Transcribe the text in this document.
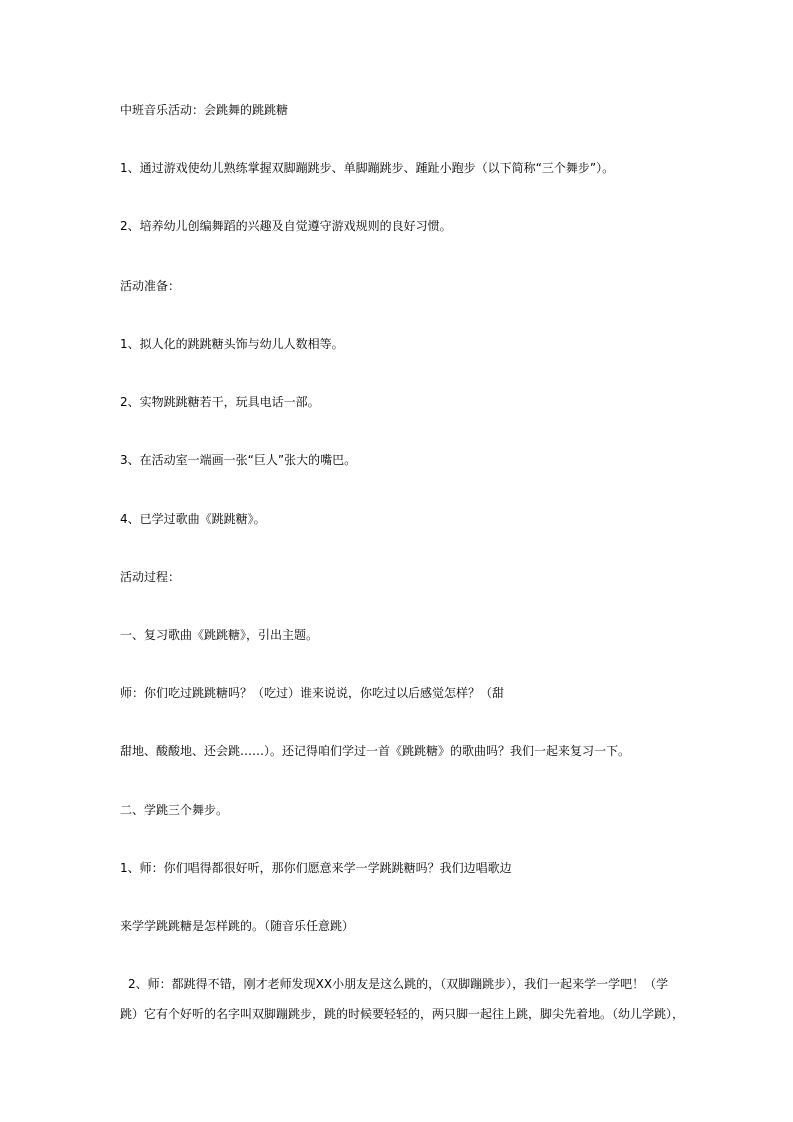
中班音乐活动：会跳舞的跳跳糖
1、通过游戏使幼儿熟练掌握双脚蹦跳步、单脚蹦跳步、踵趾小跑步（以下简称“三个舞步”）。
2、培养幼儿创编舞蹈的兴趣及自觉遵守游戏规则的良好习惯。
活动准备：
1、拟人化的跳跳糖头饰与幼儿人数相等。
2、实物跳跳糖若干，玩具电话一部。
3、在活动室一端画一张“巨人”张大的嘴巴。
4、已学过歌曲《跳跳糖》。
活动过程：
一、复习歌曲《跳跳糖》，引出主题。
师：你们吃过跳跳糖吗？（吃过）谁来说说，你吃过以后感觉怎样？（甜
甜地、酸酸地、还会跳……）。还记得咱们学过一首《跳跳糖》的歌曲吗？我们一起来复习一下。
二、学跳三个舞步。
1、师：你们唱得都很好听，那你们愿意来学一学跳跳糖吗？我们边唱歌边
来学学跳跳糖是怎样跳的。（随音乐任意跳）
2、师：都跳得不错，刚才老师发现XX小朋友是这么跳的，（双脚蹦跳步），我们一起来学一学吧！（学
跳）它有个好听的名字叫双脚蹦跳步，跳的时候要轻轻的，两只脚一起往上跳，脚尖先着地。（幼儿学跳），
